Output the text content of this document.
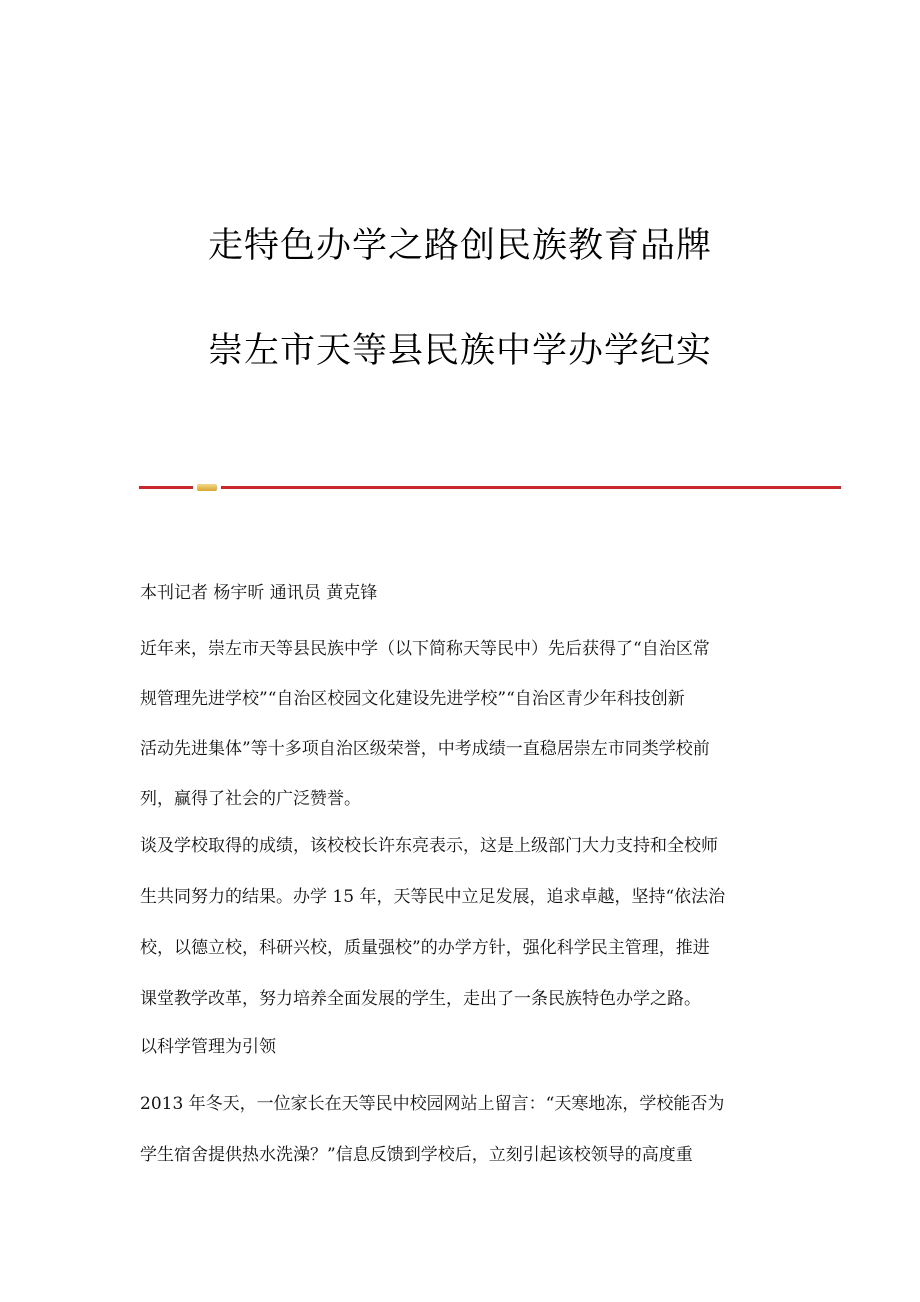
走特色办学之路创民族教育品牌
崇左市天等县民族中学办学纪实
本刊记者 杨宇昕 通讯员 黄克锋
近年来，崇左市天等县民族中学（以下简称天等民中）先后获得了“自治区常
规管理先进学校”“自治区校园文化建设先进学校”“自治区青少年科技创新
活动先进集体”等十多项自治区级荣誉，中考成绩一直稳居崇左市同类学校前
列，赢得了社会的广泛赞誉。
谈及学校取得的成绩，该校校长许东亮表示，这是上级部门大力支持和全校师
生共同努力的结果。办学 15 年，天等民中立足发展，追求卓越，坚持“依法治
校，以德立校，科研兴校，质量强校”的办学方针，强化科学民主管理，推进
课堂教学改革，努力培养全面发展的学生，走出了一条民族特色办学之路。
以科学管理为引领
2013 年冬天，一位家长在天等民中校园网站上留言：“天寒地冻，学校能否为
学生宿舍提供热水洗澡？”信息反馈到学校后，立刻引起该校领导的高度重
